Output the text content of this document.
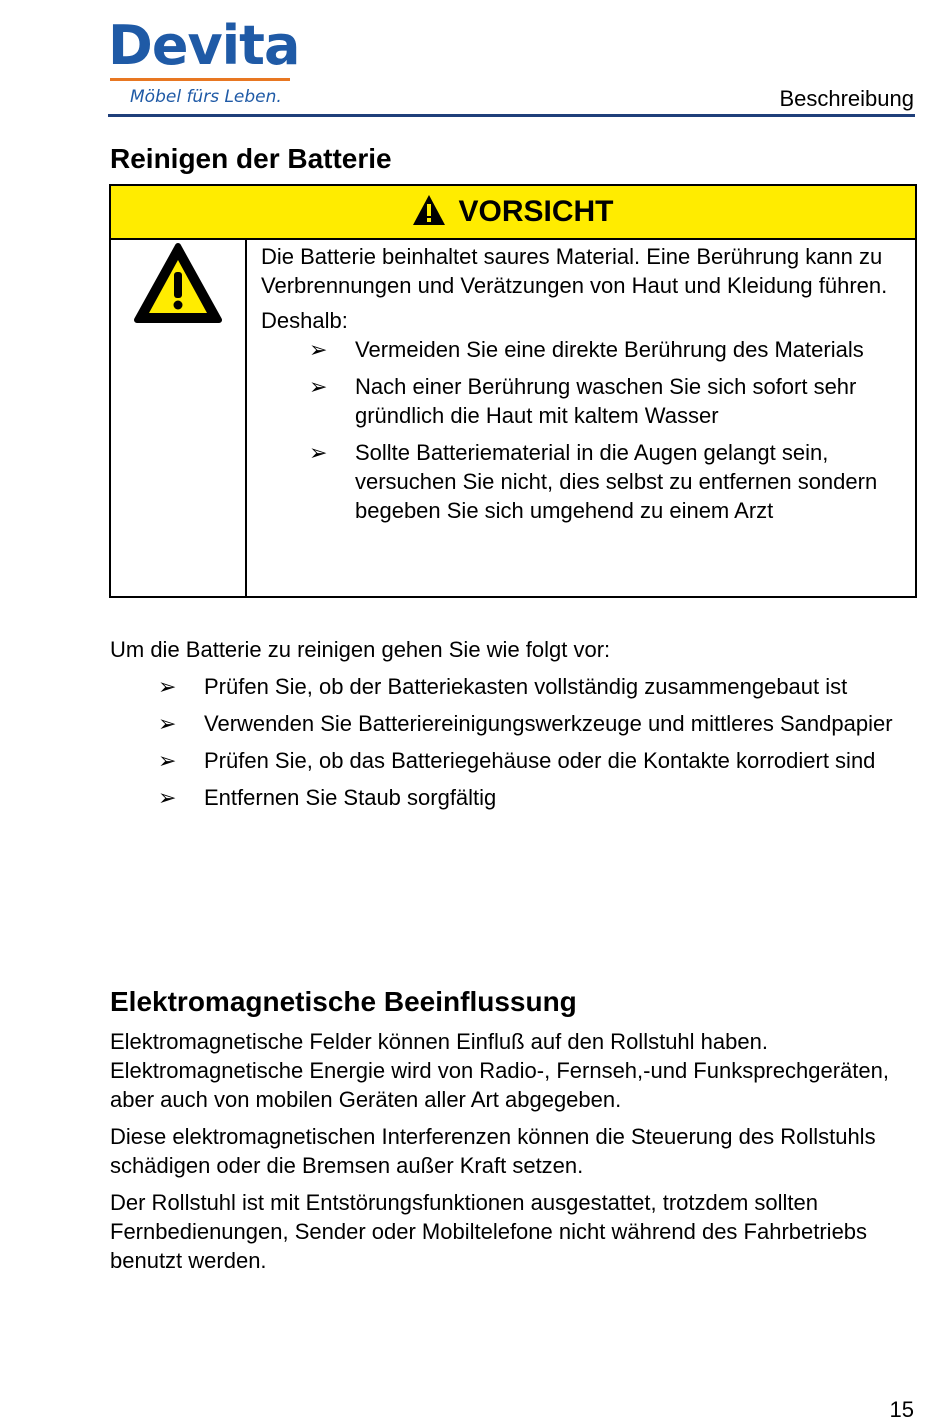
Devita
Möbel fürs Leben.	Beschreibung
Reinigen der Batterie
VORSICHT

Die Batterie beinhaltet saures Material. Eine Berührung kann zu Verbrennungen und Verätzungen von Haut und Kleidung führen.

Deshalb:

➢ Vermeiden Sie eine direkte Berührung des Materials
➢ Nach einer Berührung waschen Sie sich sofort sehr gründlich die Haut mit kaltem Wasser
➢ Sollte Batteriematerial in die Augen gelangt sein, versuchen Sie nicht, dies selbst zu entfernen sondern begeben Sie sich umgehend zu einem Arzt

Um die Batterie zu reinigen gehen Sie wie folgt vor:

➢ Prüfen Sie, ob der Batteriekasten vollständig zusammengebaut ist
➢ Verwenden Sie Batteriereinigungswerkzeuge und mittleres Sandpapier
➢ Prüfen Sie, ob das Batteriegehäuse oder die Kontakte korrodiert sind
➢ Entfernen Sie Staub sorgfältig
Elektromagnetische Beeinflussung

Elektromagnetische Felder können Einfluß auf den Rollstuhl haben. Elektromagnetische Energie wird von Radio-, Fernseh,-und Funksprechgeräten, aber auch von mobilen Geräten aller Art abgegeben.

Diese elektromagnetischen Interferenzen können die Steuerung des Rollstuhls schädigen oder die Bremsen außer Kraft setzen.

Der Rollstuhl ist mit Entstörungsfunktionen ausgestattet, trotzdem sollten Fernbedienungen, Sender oder Mobiltelefone nicht während des Fahrbetriebs benutzt werden.

15
